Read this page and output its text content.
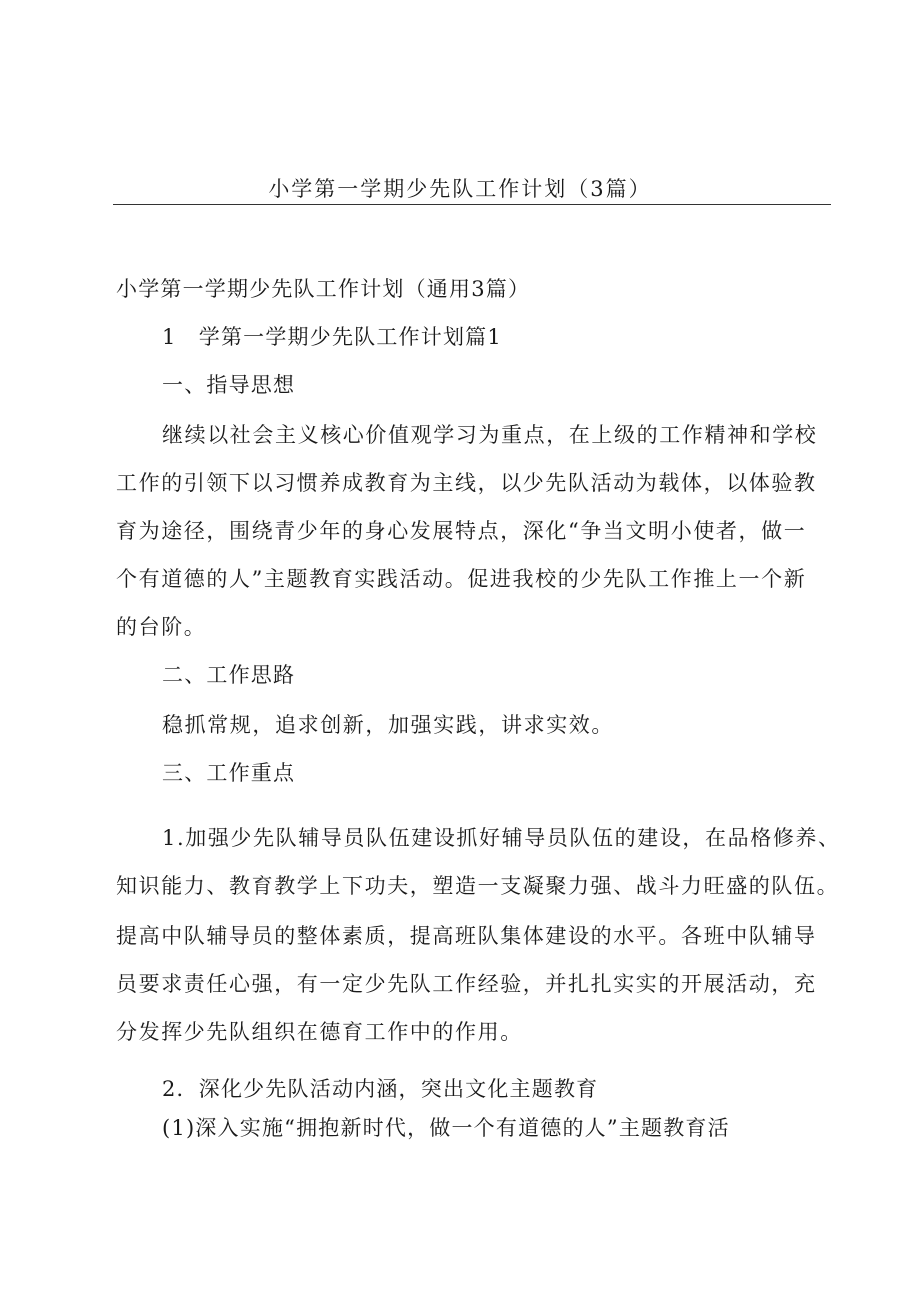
小学第一学期少先队工作计划（3篇）
小学第一学期少先队工作计划（通用3篇）
1　学第一学期少先队工作计划篇1
一、指导思想
继续以社会主义核心价值观学习为重点，在上级的工作精神和学校
工作的引领下以习惯养成教育为主线，以少先队活动为载体，以体验教
育为途径，围绕青少年的身心发展特点，深化“争当文明小使者，做一
个有道德的人”主题教育实践活动。促进我校的少先队工作推上一个新
的台阶。
二、工作思路
稳抓常规，追求创新，加强实践，讲求实效。
三、工作重点
1.加强少先队辅导员队伍建设抓好辅导员队伍的建设，在品格修养、
知识能力、教育教学上下功夫，塑造一支凝聚力强、战斗力旺盛的队伍。
提高中队辅导员的整体素质，提高班队集体建设的水平。各班中队辅导
员要求责任心强，有一定少先队工作经验，并扎扎实实的开展活动，充
分发挥少先队组织在德育工作中的作用。
2．深化少先队活动内涵，突出文化主题教育
(1)深入实施“拥抱新时代，做一个有道德的人”主题教育活
